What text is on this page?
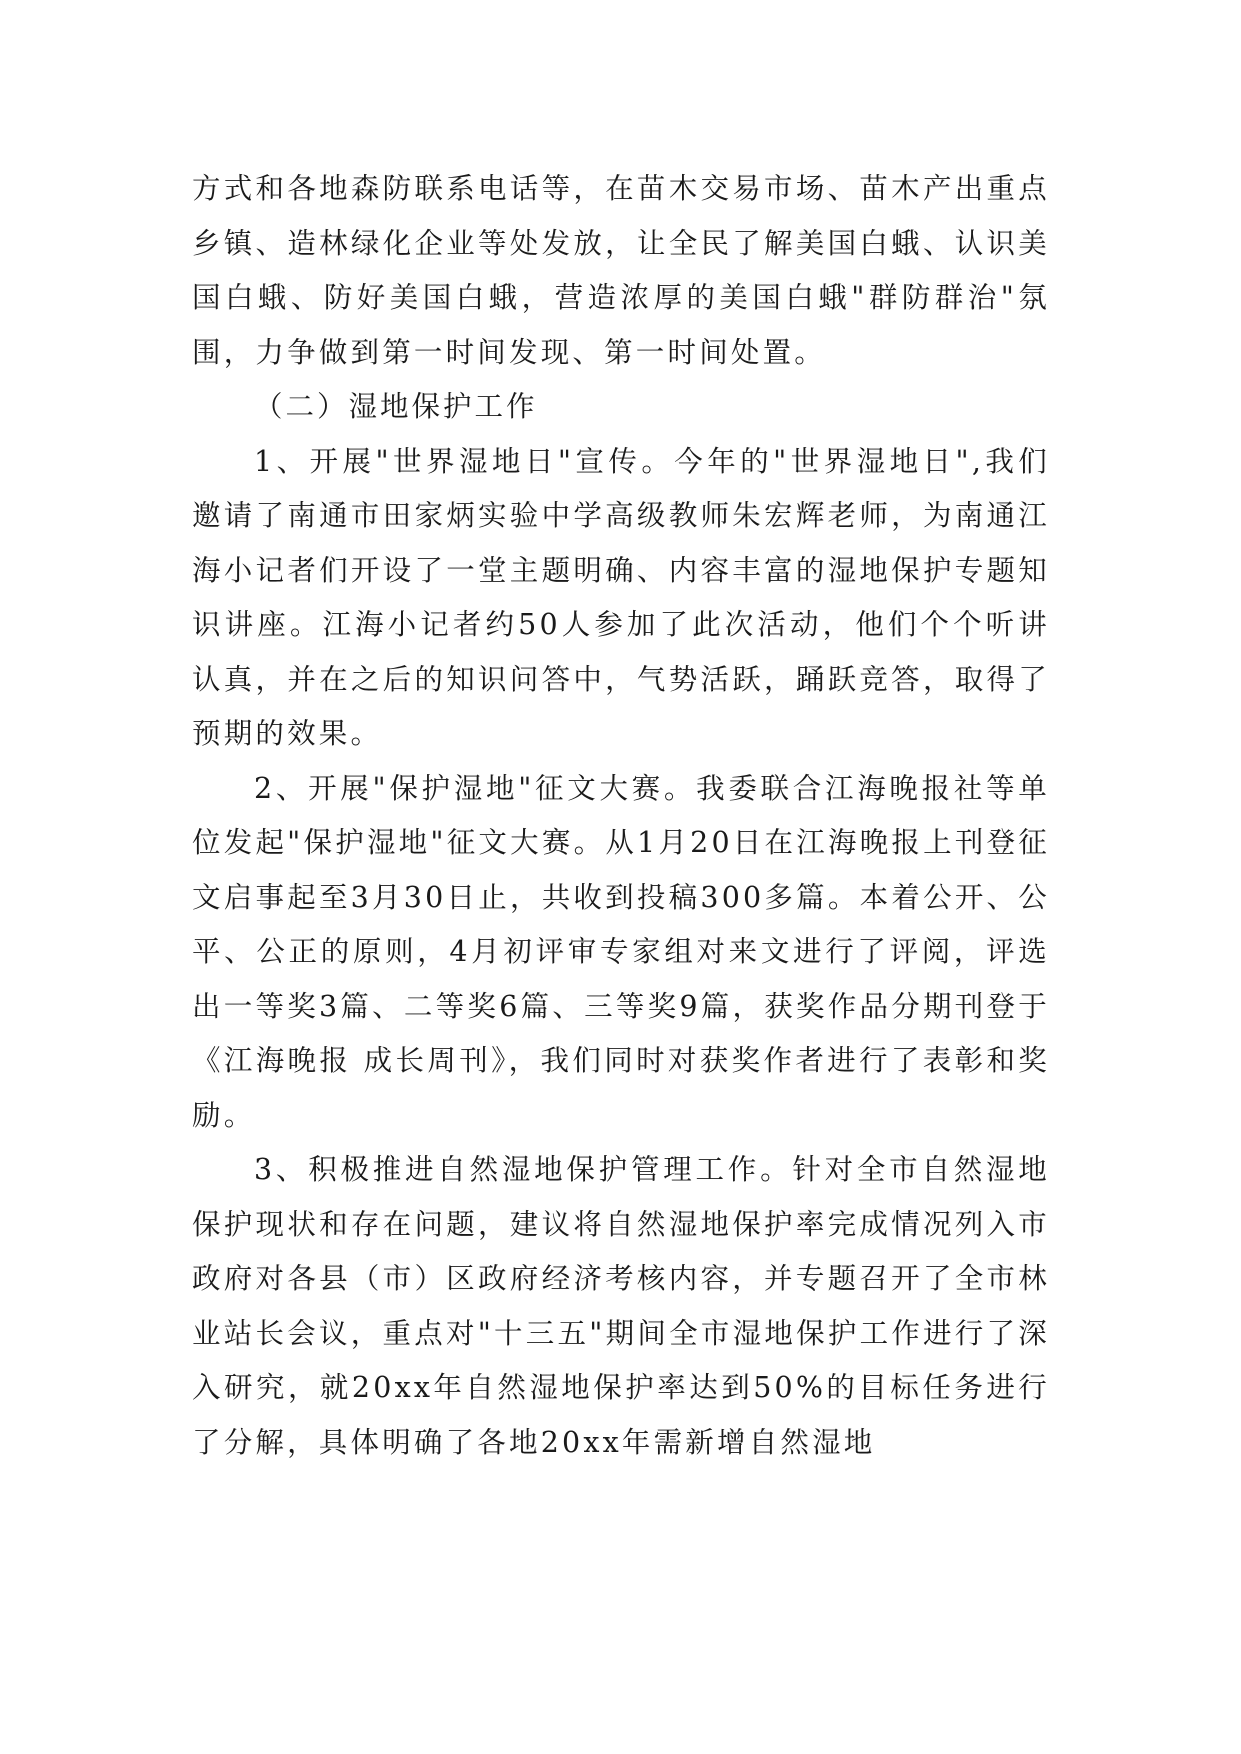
方式和各地森防联系电话等，在苗木交易市场、苗木产出重点乡镇、造林绿化企业等处发放，让全民了解美国白蛾、认识美国白蛾、防好美国白蛾，营造浓厚的美国白蛾"群防群治"氛围，力争做到第一时间发现、第一时间处置。

（二）湿地保护工作

1、开展"世界湿地日"宣传。今年的"世界湿地日",我们邀请了南通市田家炳实验中学高级教师朱宏辉老师，为南通江海小记者们开设了一堂主题明确、内容丰富的湿地保护专题知识讲座。江海小记者约50人参加了此次活动，他们个个听讲认真，并在之后的知识问答中，气势活跃，踊跃竞答，取得了预期的效果。

2、开展"保护湿地"征文大赛。我委联合江海晚报社等单位发起"保护湿地"征文大赛。从1月20日在江海晚报上刊登征文启事起至3月30日止，共收到投稿300多篇。本着公开、公平、公正的原则，4月初评审专家组对来文进行了评阅，评选出一等奖3篇、二等奖6篇、三等奖9篇，获奖作品分期刊登于《江海晚报 成长周刊》，我们同时对获奖作者进行了表彰和奖励。

3、积极推进自然湿地保护管理工作。针对全市自然湿地保护现状和存在问题，建议将自然湿地保护率完成情况列入市政府对各县（市）区政府经济考核内容，并专题召开了全市林业站长会议，重点对"十三五"期间全市湿地保护工作进行了深入研究，就20xx年自然湿地保护率达到50%的目标任务进行了分解，具体明确了各地20xx年需新增自然湿地
